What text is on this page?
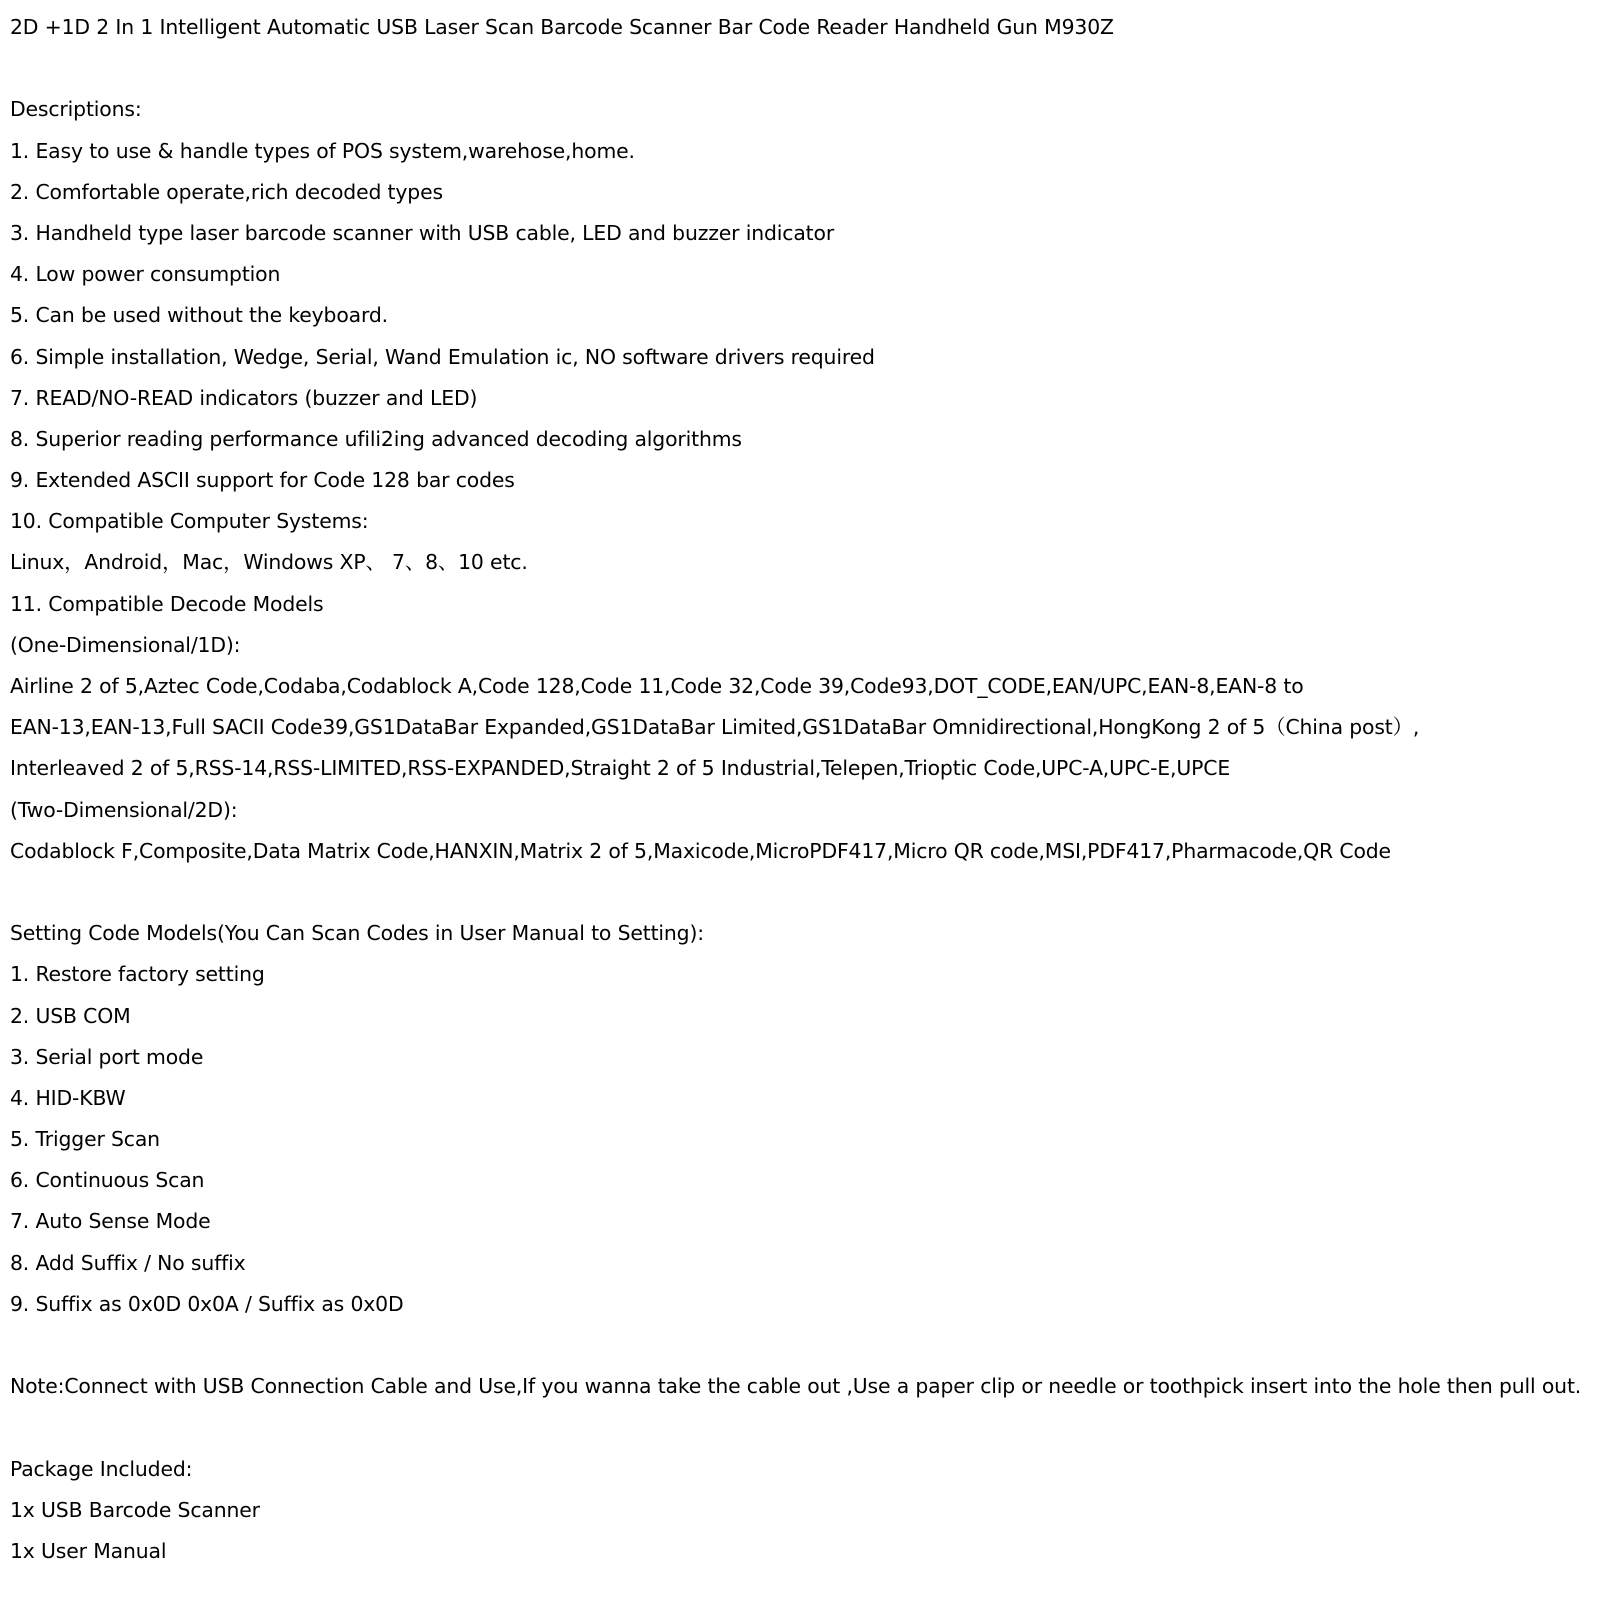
2D +1D 2 In 1 Intelligent Automatic USB Laser Scan Barcode Scanner Bar Code Reader Handheld Gun M930Z
Descriptions:
1. Easy to use & handle types of POS system,warehose,home.
2. Comfortable operate,rich decoded types
3. Handheld type laser barcode scanner with USB cable, LED and buzzer indicator
4. Low power consumption
5. Can be used without the keyboard.
6. Simple installation, Wedge, Serial, Wand Emulation ic, NO software drivers required
7. READ/NO-READ indicators (buzzer and LED)
8. Superior reading performance ufili2ing advanced decoding algorithms
9. Extended ASCII support for Code 128 bar codes
10. Compatible Computer Systems:
Linux，Android，Mac，Windows XP、 7、8、10 etc.
11. Compatible Decode Models
(One-Dimensional/1D):
Airline 2 of 5,Aztec Code,Codaba,Codablock A,Code 128,Code 11,Code 32,Code 39,Code93,DOT_CODE,EAN/UPC,EAN-8,EAN-8 to
EAN-13,EAN-13,Full SACII Code39,GS1DataBar Expanded,GS1DataBar Limited,GS1DataBar Omnidirectional,HongKong 2 of 5（China post）,
Interleaved 2 of 5,RSS-14,RSS-LIMITED,RSS-EXPANDED,Straight 2 of 5 Industrial,Telepen,Trioptic Code,UPC-A,UPC-E,UPCE
(Two-Dimensional/2D):
Codablock F,Composite,Data Matrix Code,HANXIN,Matrix 2 of 5,Maxicode,MicroPDF417,Micro QR code,MSI,PDF417,Pharmacode,QR Code
Setting Code Models(You Can Scan Codes in User Manual to Setting):
1. Restore factory setting
2. USB COM
3. Serial port mode
4. HID-KBW
5. Trigger Scan
6. Continuous Scan
7. Auto Sense Mode
8. Add Suffix / No suffix
9. Suffix as 0x0D 0x0A / Suffix as 0x0D
Note:Connect with USB Connection Cable and Use,If you wanna take the cable out ,Use a paper clip or needle or toothpick insert into the hole then pull out.
Package Included:
1x USB Barcode Scanner
1x User Manual
